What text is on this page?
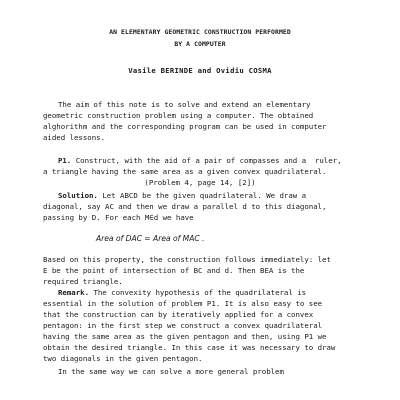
AN ELEMENTARY GEOMETRIC CONSTRUCTION PERFORMED
BY A COMPUTER
Vasile BERINDE and Ovidiu COSMA
The aim of this note is to solve and extend an elementary
geometric construction problem using a computer. The obtained
alghorithm and the corresponding program can be used in computer
aided lessons.
P1. Construct, with the aid of a pair of compasses and a  ruler,
a triangle having the same area as a given convex quadrilateral.
(Problem 4, page 14, [2])
Solution. Let ABCD be the given quadrilateral. We draw a
diagonal, say AC and then we draw a parallel d to this diagonal,
passing by D. For each M∈d we have
Area of DAC = Area of MAC .
Based on this property, the construction follows immediately: let
E be the point of intersection of BC and d. Then BEA is the
required triangle.
Remark. The convexity hypothesis of the quadrilateral is
essential in the solution of problem P1. It is also easy to see
that the construction can by iteratively applied for a convex
pentagon: in the first step we construct a convex quadrilateral
having the same area as the given pentagon and then, using P1 we
obtain the desired triangle. In this case it was necessary to draw
two diagonals in the given pentagon.
In the same way we can solve a more general problem
